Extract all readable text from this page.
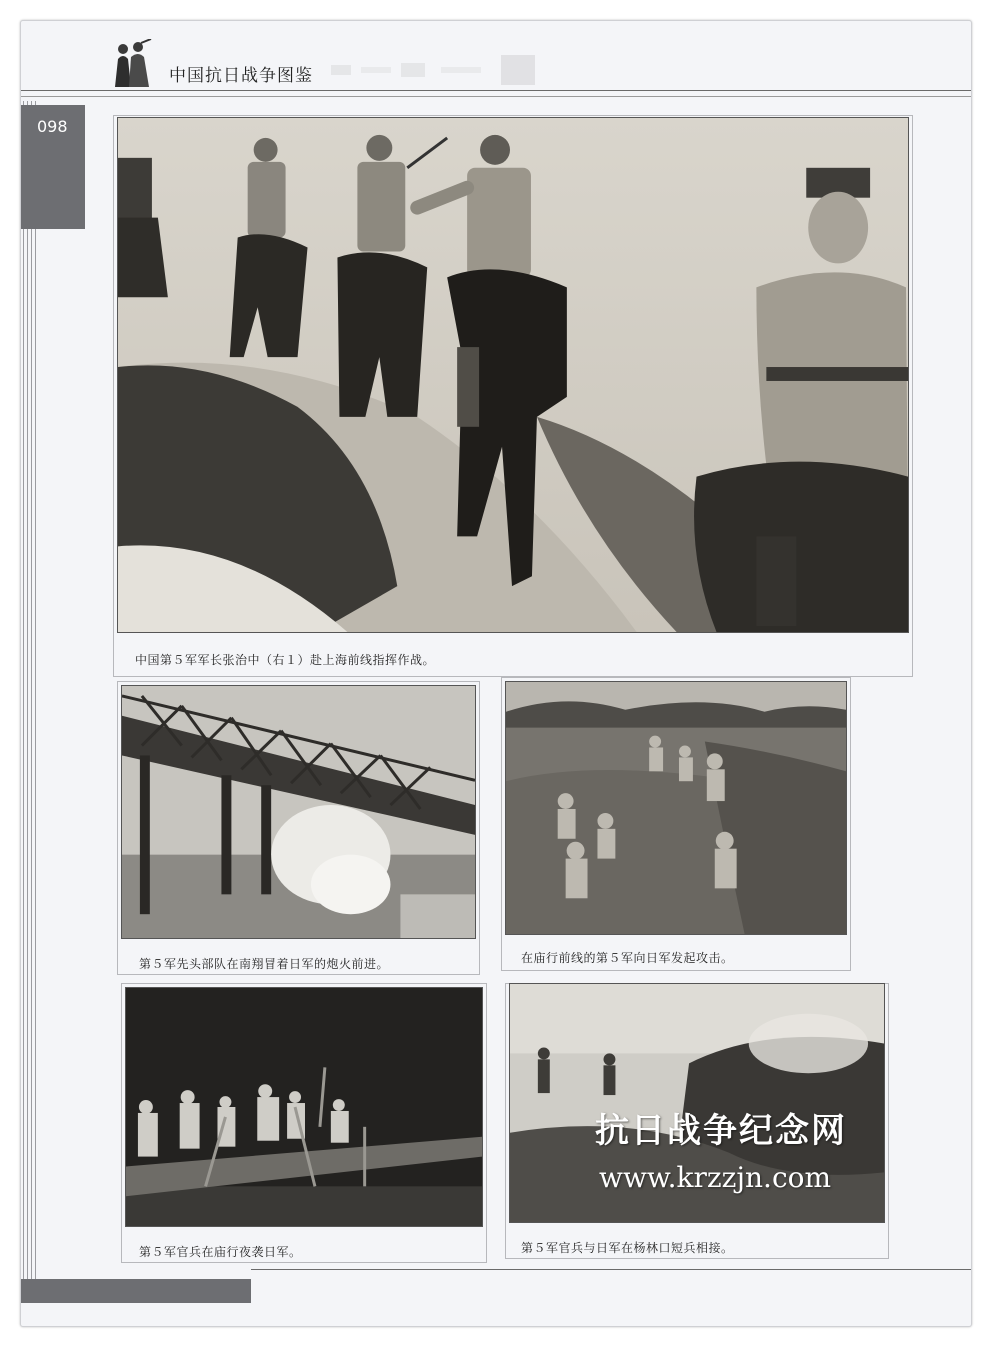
中国抗日战争图鉴
098
中国第５军军长张治中（右１）赴上海前线指挥作战。
第５军先头部队在南翔冒着日军的炮火前进。	在庙行前线的第５军向日军发起攻击。
第５军官兵在庙行夜袭日军。	第５军官兵与日军在杨林口短兵相接。
抗日战争纪念网
www.krzzjn.com
